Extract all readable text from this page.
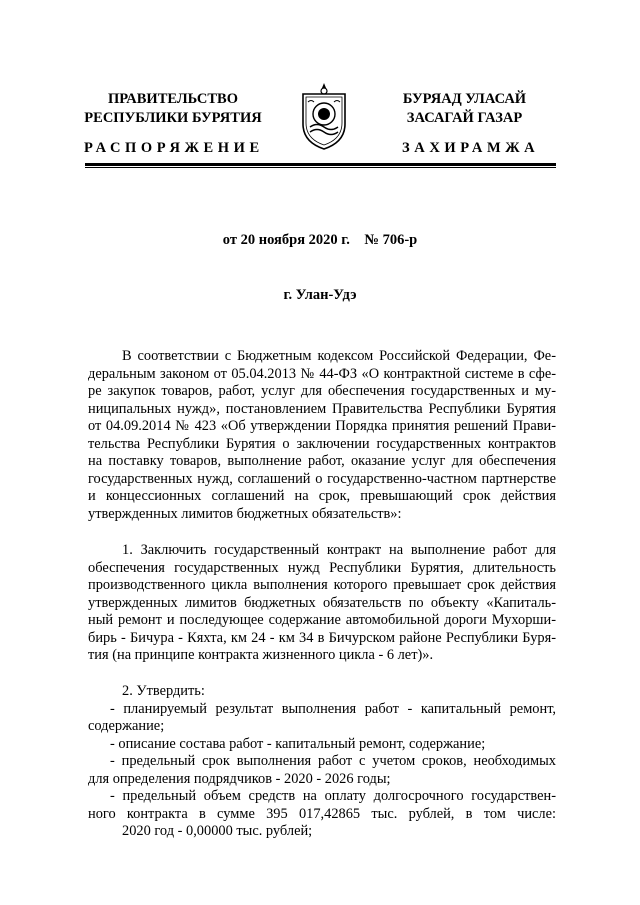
ПРАВИТЕЛЬСТВО
РЕСПУБЛИКИ БУРЯТИЯ
БУРЯАД УЛАСАЙ
ЗАСАГАЙ ГАЗАР
РАСПОРЯЖЕНИЕ	ЗАХИРАМЖА
от 20 ноября 2020 г.    № 706-р
г. Улан-Удэ
В соответствии с Бюджетным кодексом Российской Федерации, Фе-
деральным законом от 05.04.2013 № 44-ФЗ «О контрактной системе в сфе-
ре закупок товаров, работ, услуг для обеспечения государственных и му-
ниципальных нужд», постановлением Правительства Республики Бурятия
от 04.09.2014 № 423 «Об утверждении Порядка принятия решений Прави-
тельства Республики Бурятия о заключении государственных контрактов
на поставку товаров, выполнение работ, оказание услуг для обеспечения
государственных нужд, соглашений о государственно-частном партнерстве
и концессионных соглашений на срок, превышающий срок действия
утвержденных лимитов бюджетных обязательств»:
1. Заключить государственный контракт на выполнение работ для
обеспечения государственных нужд Республики Бурятия, длительность
производственного цикла выполнения которого превышает срок действия
утвержденных лимитов бюджетных обязательств по объекту «Капиталь-
ный ремонт и последующее содержание автомобильной дороги Мухорши-
бирь - Бичура - Кяхта, км 24 - км 34 в Бичурском районе Республики Буря-
тия (на принципе контракта жизненного цикла - 6 лет)».
2. Утвердить:
- планируемый результат выполнения работ - капитальный ремонт,
содержание;
- описание состава работ - капитальный ремонт, содержание;
- предельный срок выполнения работ с учетом сроков, необходимых
для определения подрядчиков - 2020 - 2026 годы;
- предельный объем средств на оплату долгосрочного государствен-
ного контракта в сумме 395 017,42865 тыс. рублей, в том числе:
2020 год - 0,00000 тыс. рублей;
